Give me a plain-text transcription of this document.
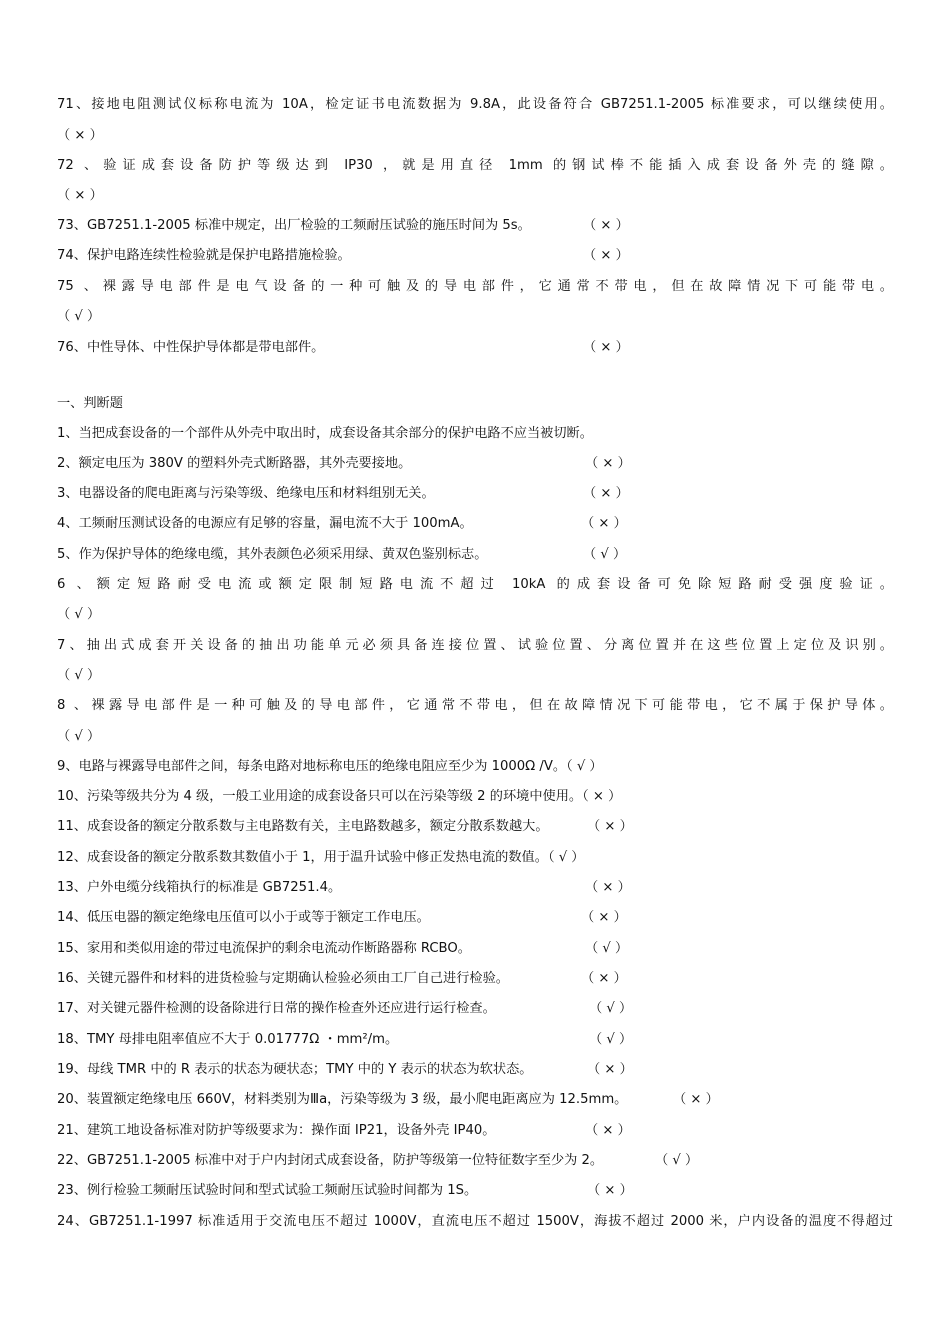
71、接地电阻测试仪标称电流为 10A，检定证书电流数据为 9.8A，此设备符合 GB7251.1-2005 标准要求，可以继续使用。
（ × ）
72 、验证成套设备防护等级达到 IP30 ，就是用直径 1mm 的钢试棒不能插入成套设备外壳的缝隙。
（ × ）
73、GB7251.1-2005 标准中规定，出厂检验的工频耐压试验的施压时间为 5s。	（ × ）
74、保护电路连续性检验就是保护电路措施检验。	（ × ）
75 、裸露导电部件是电气设备的一种可触及的导电部件，它通常不带电，但在故障情况下可能带电。
（ √ ）
76、中性导体、中性保护导体都是带电部件。	（ × ）
一、判断题
1、当把成套设备的一个部件从外壳中取出时，成套设备其余部分的保护电路不应当被切断。
2、额定电压为 380V 的塑料外壳式断路器，其外壳要接地。	（ × ）
3、电器设备的爬电距离与污染等级、绝缘电压和材料组别无关。	（ × ）
4、工频耐压测试设备的电源应有足够的容量，漏电流不大于 100mA。	（ × ）
5、作为保护导体的绝缘电缆，其外表颜色必须采用绿、黄双色鉴别标志。	（ √ ）
6 、额定短路耐受电流或额定限制短路电流不超过 10kA 的成套设备可免除短路耐受强度验证。
（ √ ）
7、抽出式成套开关设备的抽出功能单元必须具备连接位置、试验位置、分离位置并在这些位置上定位及识别。
（ √ ）
8 、裸露导电部件是一种可触及的导电部件，它通常不带电，但在故障情况下可能带电，它不属于保护导体。
（ √ ）
9、电路与裸露导电部件之间，每条电路对地标称电压的绝缘电阻应至少为 1000Ω /V。（ √ ）
10、污染等级共分为 4 级，一般工业用途的成套设备只可以在污染等级 2 的环境中使用。（ × ）
11、成套设备的额定分散系数与主电路数有关，主电路数越多，额定分散系数越大。	（ × ）
12、成套设备的额定分散系数其数值小于 1，用于温升试验中修正发热电流的数值。（ √ ）
13、户外电缆分线箱执行的标准是 GB7251.4。	（ × ）
14、低压电器的额定绝缘电压值可以小于或等于额定工作电压。	（ × ）
15、家用和类似用途的带过电流保护的剩余电流动作断路器称 RCBO。	（ √ ）
16、关键元器件和材料的进货检验与定期确认检验必须由工厂自己进行检验。	（ × ）
17、对关键元器件检测的设备除进行日常的操作检查外还应进行运行检查。	（ √ ）
18、TMY 母排电阻率值应不大于 0.01777Ω ・mm²/m。	（ √ ）
19、母线 TMR 中的 R 表示的状态为硬状态；TMY 中的 Y 表示的状态为软状态。	（ × ）
20、装置额定绝缘电压 660V，材料类别为Ⅲa，污染等级为 3 级，最小爬电距离应为 12.5mm。	（ × ）
21、建筑工地设备标准对防护等级要求为：操作面 IP21，设备外壳 IP40。	（ × ）
22、GB7251.1-2005 标准中对于户内封闭式成套设备，防护等级第一位特征数字至少为 2。	（ √ ）
23、例行检验工频耐压试验时间和型式试验工频耐压试验时间都为 1S。	（ × ）
24、GB7251.1-1997 标准适用于交流电压不超过 1000V，直流电压不超过 1500V，海拔不超过 2000 米，户内设备的温度不得超过
